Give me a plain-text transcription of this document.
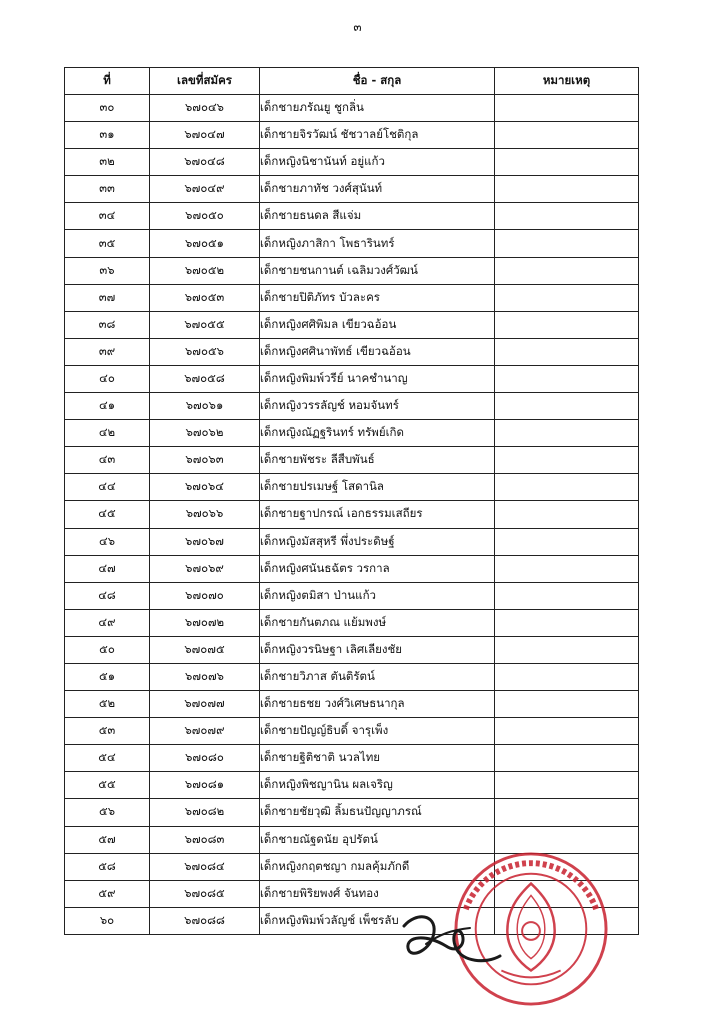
๓
ที่	เลขที่สมัคร	ชื่อ - สกุล	หมายเหตุ
๓๐	๖๗๐๔๖	เด็กชายภรัณยู ชูกลิ่น	
๓๑	๖๗๐๔๗	เด็กชายจิรวัฒน์ ชัชวาลย์โชติกุล	
๓๒	๖๗๐๔๘	เด็กหญิงนิชานันท์ อยู่แก้ว	
๓๓	๖๗๐๔๙	เด็กชายภาทัช วงศ์สุนันท์	
๓๔	๖๗๐๕๐	เด็กชายธนดล สีแจ่ม	
๓๕	๖๗๐๕๑	เด็กหญิงภาสิกา โพธารินทร์	
๓๖	๖๗๐๕๒	เด็กชายชนกานต์ เฉลิมวงศ์วัฒน์	
๓๗	๖๗๐๕๓	เด็กชายปิติภัทร บัวละคร	
๓๘	๖๗๐๕๕	เด็กหญิงศศิพิมล เขียวฉอ้อน	
๓๙	๖๗๐๕๖	เด็กหญิงศศินาพัทธ์ เขียวฉอ้อน	
๔๐	๖๗๐๕๘	เด็กหญิงพิมพ์วรีย์ นาคชำนาญ	
๔๑	๖๗๐๖๑	เด็กหญิงวรรลัญช์ หอมจันทร์	
๔๒	๖๗๐๖๒	เด็กหญิงณัฏฐรินทร์ ทรัพย์เกิด	
๔๓	๖๗๐๖๓	เด็กชายพัชระ ลีสืบพันธ์	
๔๔	๖๗๐๖๔	เด็กชายปรเมษฐ์ โสดานิล	
๔๕	๖๗๐๖๖	เด็กชายฐาปกรณ์ เอกธรรมเสถียร	
๔๖	๖๗๐๖๗	เด็กหญิงมัสสุหรี พึ่งประดิษฐ์	
๔๗	๖๗๐๖๙	เด็กหญิงศนันธฉัตร วรกาล	
๔๘	๖๗๐๗๐	เด็กหญิงตมิสา ป่านแก้ว	
๔๙	๖๗๐๗๒	เด็กชายกันตภณ แย้มพงษ์	
๕๐	๖๗๐๗๕	เด็กหญิงวรนิษฐา เลิศเลียงชัย	
๕๑	๖๗๐๗๖	เด็กชายวิภาส ตันติรัตน์	
๕๒	๖๗๐๗๗	เด็กชายธชย วงศ์วิเศษธนากุล	
๕๓	๖๗๐๗๙	เด็กชายปัญญ์ธิบดิ์ จารุเพ็ง	
๕๔	๖๗๐๘๐	เด็กชายฐิติชาติ นวลไทย	
๕๕	๖๗๐๘๑	เด็กหญิงพิชญานิน ผลเจริญ	
๕๖	๖๗๐๘๒	เด็กชายชัยวุฒิ ลิ้มธนปัญญาภรณ์	
๕๗	๖๗๐๘๓	เด็กชายณัฐดนัย อุปรัตน์	
๕๘	๖๗๐๘๔	เด็กหญิงกฤตชญา กมลคุ้มภักดี	
๕๙	๖๗๐๘๕	เด็กชายพิริยพงศ์ จันทอง	
๖๐	๖๗๐๘๘	เด็กหญิงพิมพ์วลัญช์ เพ็ชรลับ	
